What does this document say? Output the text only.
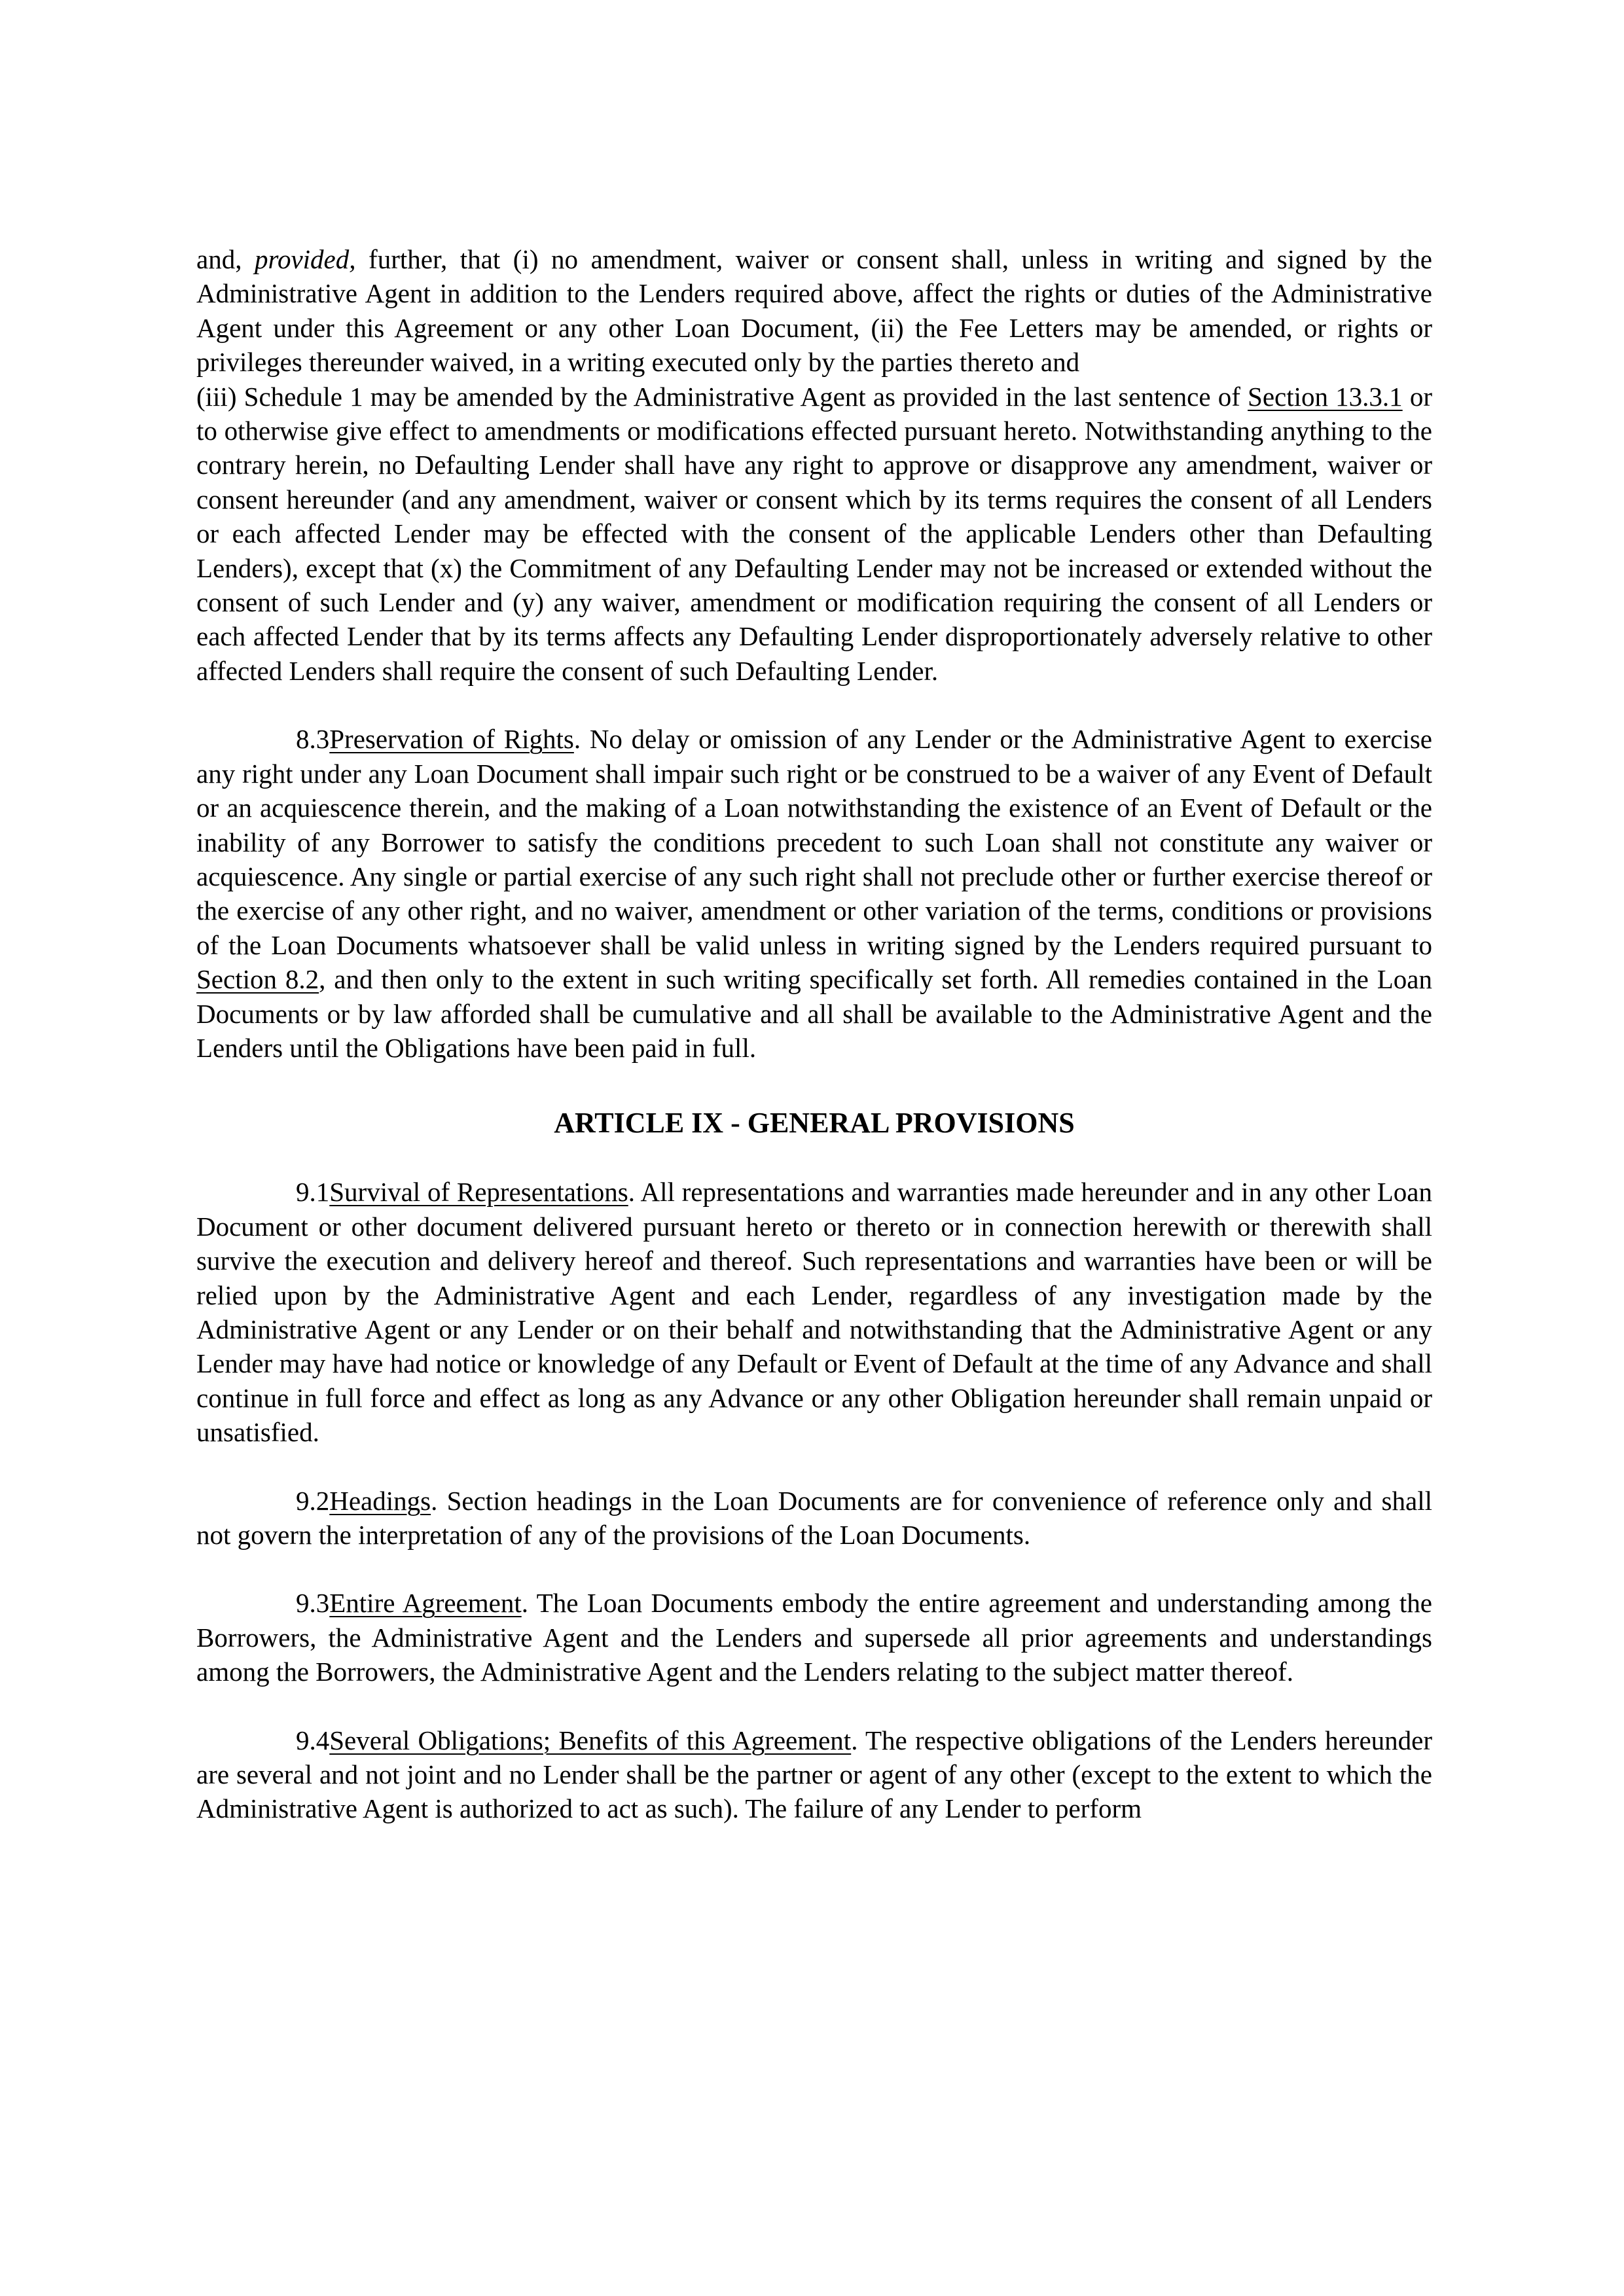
and, provided, further, that (i) no amendment, waiver or consent shall, unless in writing and signed by the Administrative Agent in addition to the Lenders required above, affect the rights or duties of the Administrative Agent under this Agreement or any other Loan Document, (ii) the Fee Letters may be amended, or rights or privileges thereunder waived, in a writing executed only by the parties thereto and

(iii) Schedule 1 may be amended by the Administrative Agent as provided in the last sentence of Section 13.3.1 or to otherwise give effect to amendments or modifications effected pursuant hereto. Notwithstanding anything to the contrary herein, no Defaulting Lender shall have any right to approve or disapprove any amendment, waiver or consent hereunder (and any amendment, waiver or consent which by its terms requires the consent of all Lenders or each affected Lender may be effected with the consent of the applicable Lenders other than Defaulting Lenders), except that (x) the Commitment of any Defaulting Lender may not be increased or extended without the consent of such Lender and (y) any waiver, amendment or modification requiring the consent of all Lenders or each affected Lender that by its terms affects any Defaulting Lender disproportionately adversely relative to other affected Lenders shall require the consent of such Defaulting Lender.

8.3Preservation of Rights. No delay or omission of any Lender or the Administrative Agent to exercise any right under any Loan Document shall impair such right or be construed to be a waiver of any Event of Default or an acquiescence therein, and the making of a Loan notwithstanding the existence of an Event of Default or the inability of any Borrower to satisfy the conditions precedent to such Loan shall not constitute any waiver or acquiescence. Any single or partial exercise of any such right shall not preclude other or further exercise thereof or the exercise of any other right, and no waiver, amendment or other variation of the terms, conditions or provisions of the Loan Documents whatsoever shall be valid unless in writing signed by the Lenders required pursuant to Section 8.2, and then only to the extent in such writing specifically set forth. All remedies contained in the Loan Documents or by law afforded shall be cumulative and all shall be available to the Administrative Agent and the Lenders until the Obligations have been paid in full.

ARTICLE IX - GENERAL PROVISIONS

9.1Survival of Representations. All representations and warranties made hereunder and in any other Loan Document or other document delivered pursuant hereto or thereto or in connection herewith or therewith shall survive the execution and delivery hereof and thereof. Such representations and warranties have been or will be relied upon by the Administrative Agent and each Lender, regardless of any investigation made by the Administrative Agent or any Lender or on their behalf and notwithstanding that the Administrative Agent or any Lender may have had notice or knowledge of any Default or Event of Default at the time of any Advance and shall continue in full force and effect as long as any Advance or any other Obligation hereunder shall remain unpaid or unsatisfied.

9.2Headings. Section headings in the Loan Documents are for convenience of reference only and shall not govern the interpretation of any of the provisions of the Loan Documents.

9.3Entire Agreement. The Loan Documents embody the entire agreement and understanding among the Borrowers, the Administrative Agent and the Lenders and supersede all prior agreements and understandings among the Borrowers, the Administrative Agent and the Lenders relating to the subject matter thereof.

9.4Several Obligations; Benefits of this Agreement. The respective obligations of the Lenders hereunder are several and not joint and no Lender shall be the partner or agent of any other (except to the extent to which the Administrative Agent is authorized to act as such). The failure of any Lender to perform
